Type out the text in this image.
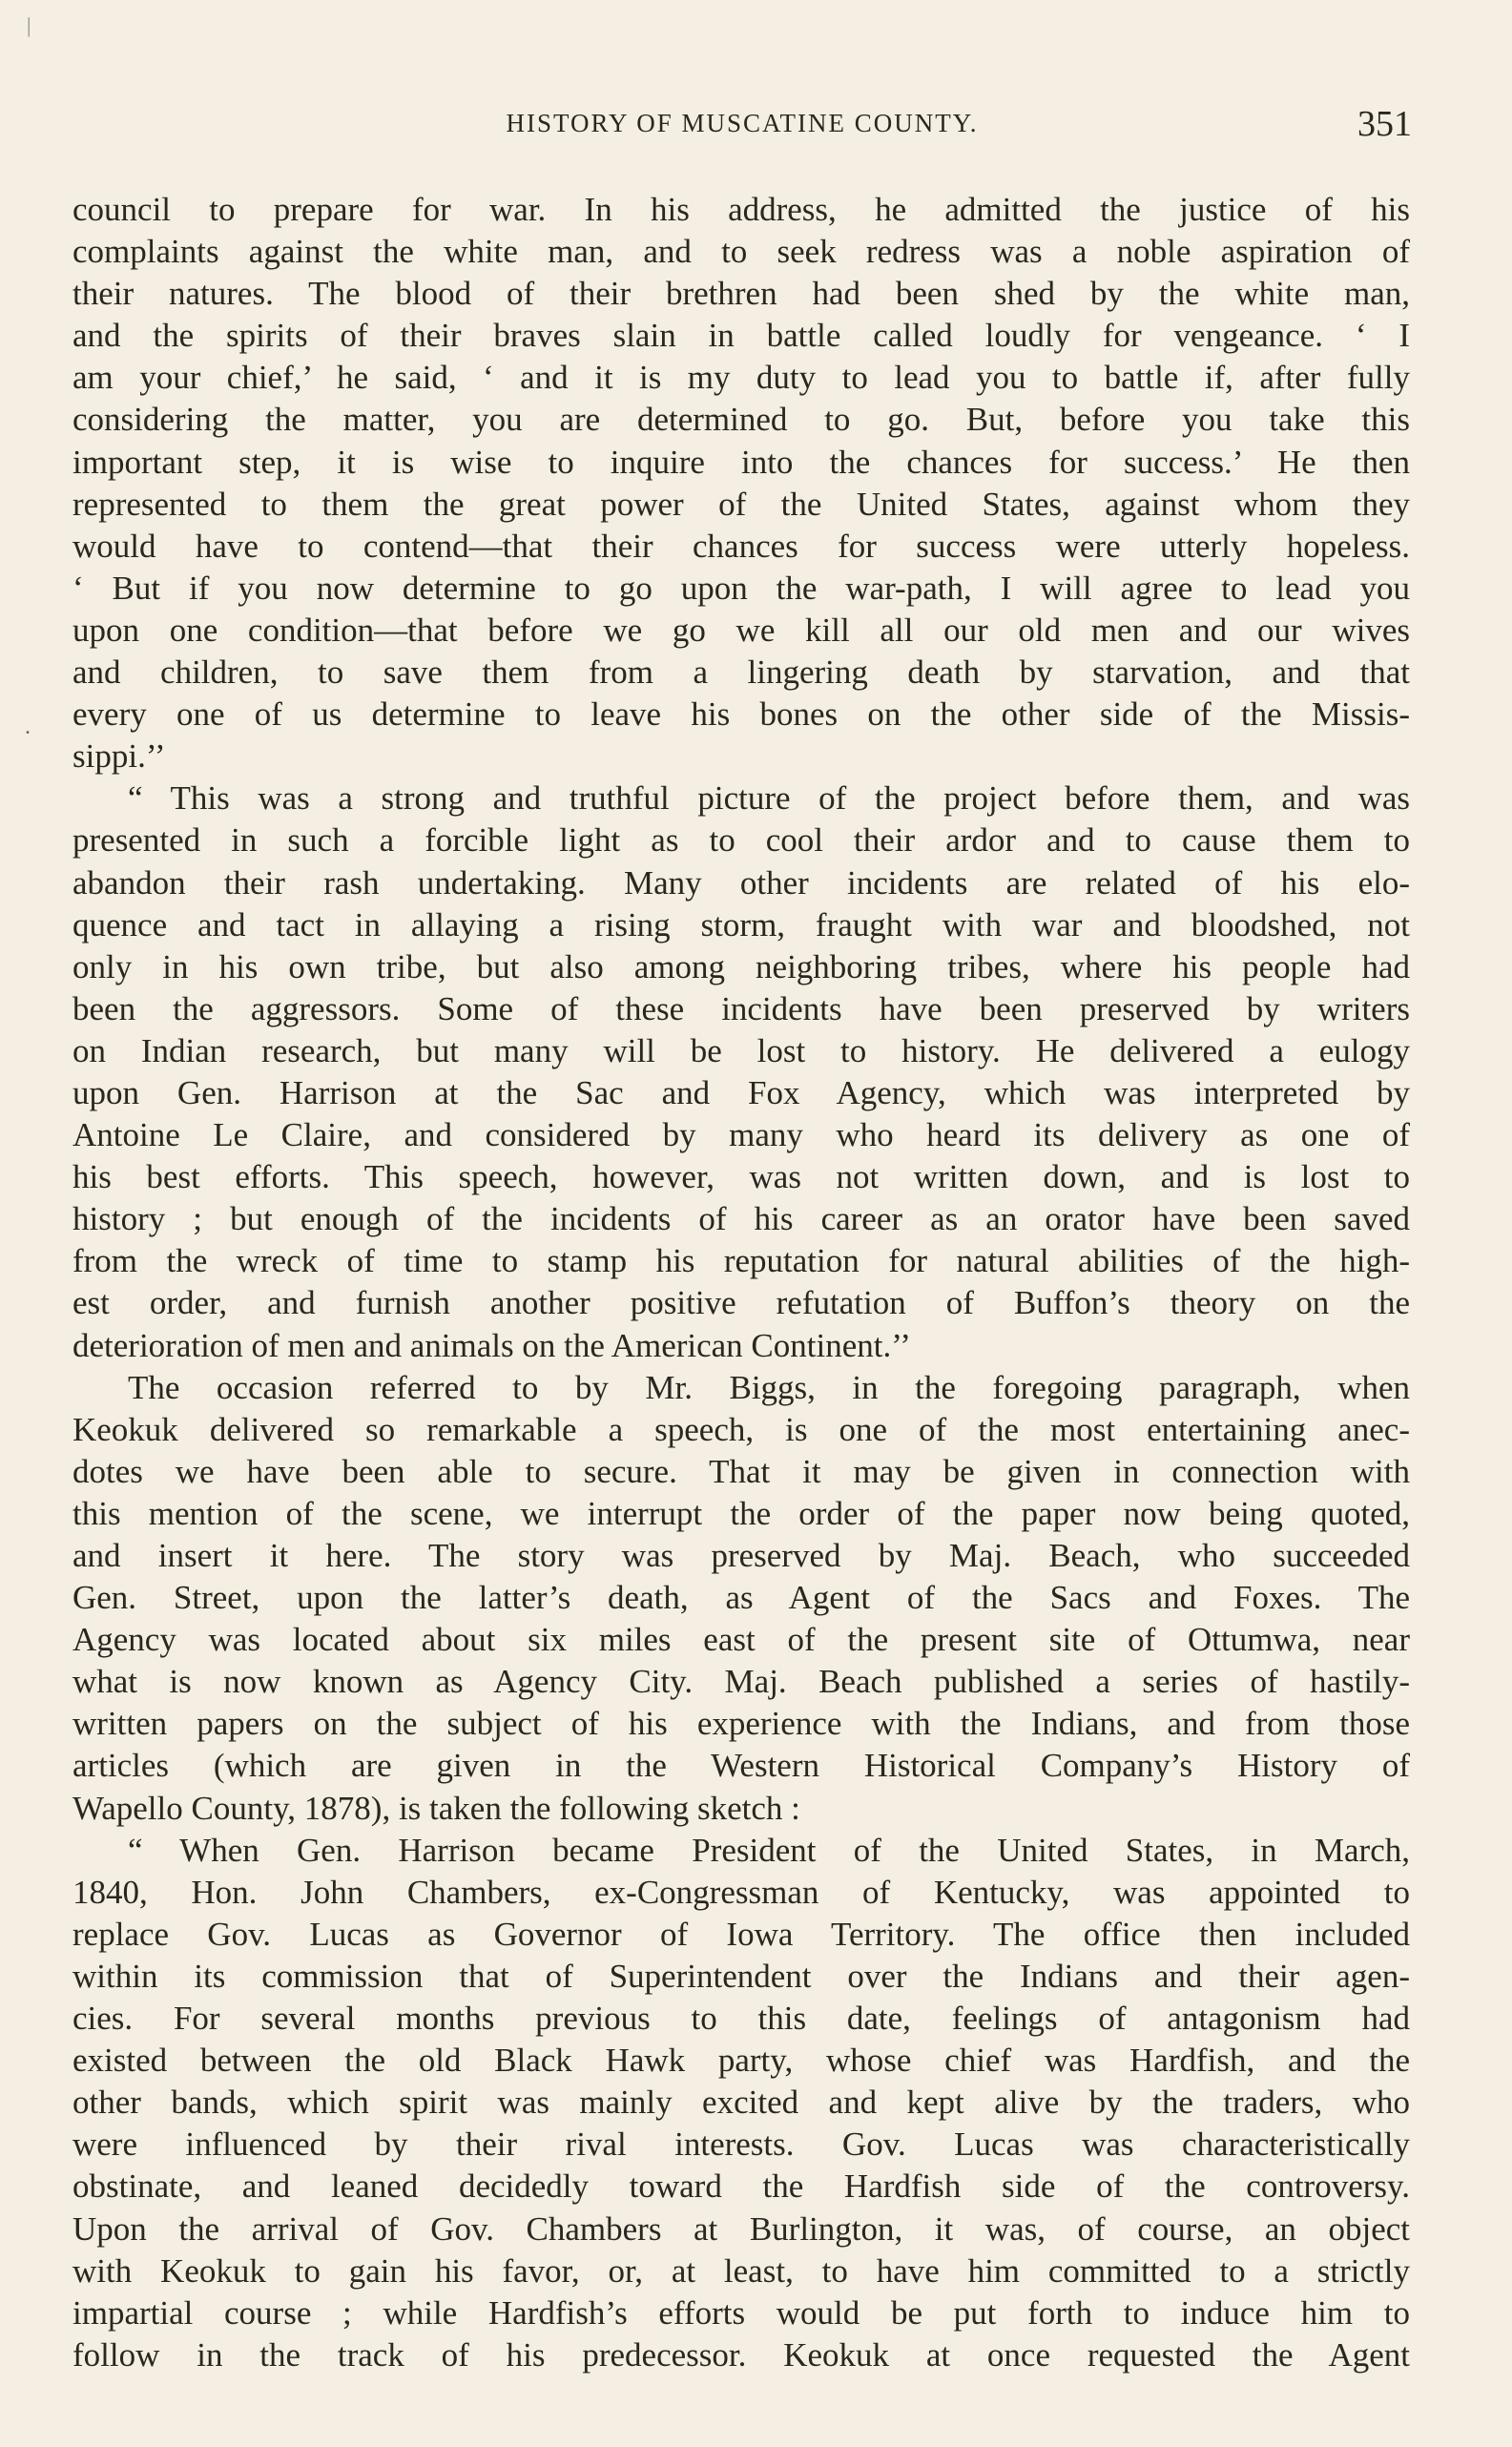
|
HISTORY OF MUSCATINE COUNTY.	351
.
council to prepare for war. In his address, he admitted the justice of his
complaints against the white man, and to seek redress was a noble aspiration of
their natures. The blood of their brethren had been shed by the white man,
and the spirits of their braves slain in battle called loudly for vengeance. ‘ I
am your chief,’ he said, ‘ and it is my duty to lead you to battle if, after fully
considering the matter, you are determined to go. But, before you take this
important step, it is wise to inquire into the chances for success.’ He then
represented to them the great power of the United States, against whom they
would have to contend—that their chances for success were utterly hopeless.
‘ But if you now determine to go upon the war-path, I will agree to lead you
upon one condition—that before we go we kill all our old men and our wives
and children, to save them from a lingering death by starvation, and that
every one of us determine to leave his bones on the other side of the Missis-
sippi.’’
“ This was a strong and truthful picture of the project before them, and was
presented in such a forcible light as to cool their ardor and to cause them to
abandon their rash undertaking. Many other incidents are related of his elo-
quence and tact in allaying a rising storm, fraught with war and bloodshed, not
only in his own tribe, but also among neighboring tribes, where his people had
been the aggressors. Some of these incidents have been preserved by writers
on Indian research, but many will be lost to history. He delivered a eulogy
upon Gen. Harrison at the Sac and Fox Agency, which was interpreted by
Antoine Le Claire, and considered by many who heard its delivery as one of
his best efforts. This speech, however, was not written down, and is lost to
history ; but enough of the incidents of his career as an orator have been saved
from the wreck of time to stamp his reputation for natural abilities of the high-
est order, and furnish another positive refutation of Buffon’s theory on the
deterioration of men and animals on the American Continent.’’
The occasion referred to by Mr. Biggs, in the foregoing paragraph, when
Keokuk delivered so remarkable a speech, is one of the most entertaining anec-
dotes we have been able to secure. That it may be given in connection with
this mention of the scene, we interrupt the order of the paper now being quoted,
and insert it here. The story was preserved by Maj. Beach, who succeeded
Gen. Street, upon the latter’s death, as Agent of the Sacs and Foxes. The
Agency was located about six miles east of the present site of Ottumwa, near
what is now known as Agency City. Maj. Beach published a series of hastily-
written papers on the subject of his experience with the Indians, and from those
articles (which are given in the Western Historical Company’s History of
Wapello County, 1878), is taken the following sketch :
“ When Gen. Harrison became President of the United States, in March,
1840, Hon. John Chambers, ex-Congressman of Kentucky, was appointed to
replace Gov. Lucas as Governor of Iowa Territory. The office then included
within its commission that of Superintendent over the Indians and their agen-
cies. For several months previous to this date, feelings of antagonism had
existed between the old Black Hawk party, whose chief was Hardfish, and the
other bands, which spirit was mainly excited and kept alive by the traders, who
were influenced by their rival interests. Gov. Lucas was characteristically
obstinate, and leaned decidedly toward the Hardfish side of the controversy.
Upon the arrival of Gov. Chambers at Burlington, it was, of course, an object
with Keokuk to gain his favor, or, at least, to have him committed to a strictly
impartial course ; while Hardfish’s efforts would be put forth to induce him to
follow in the track of his predecessor. Keokuk at once requested the Agent
